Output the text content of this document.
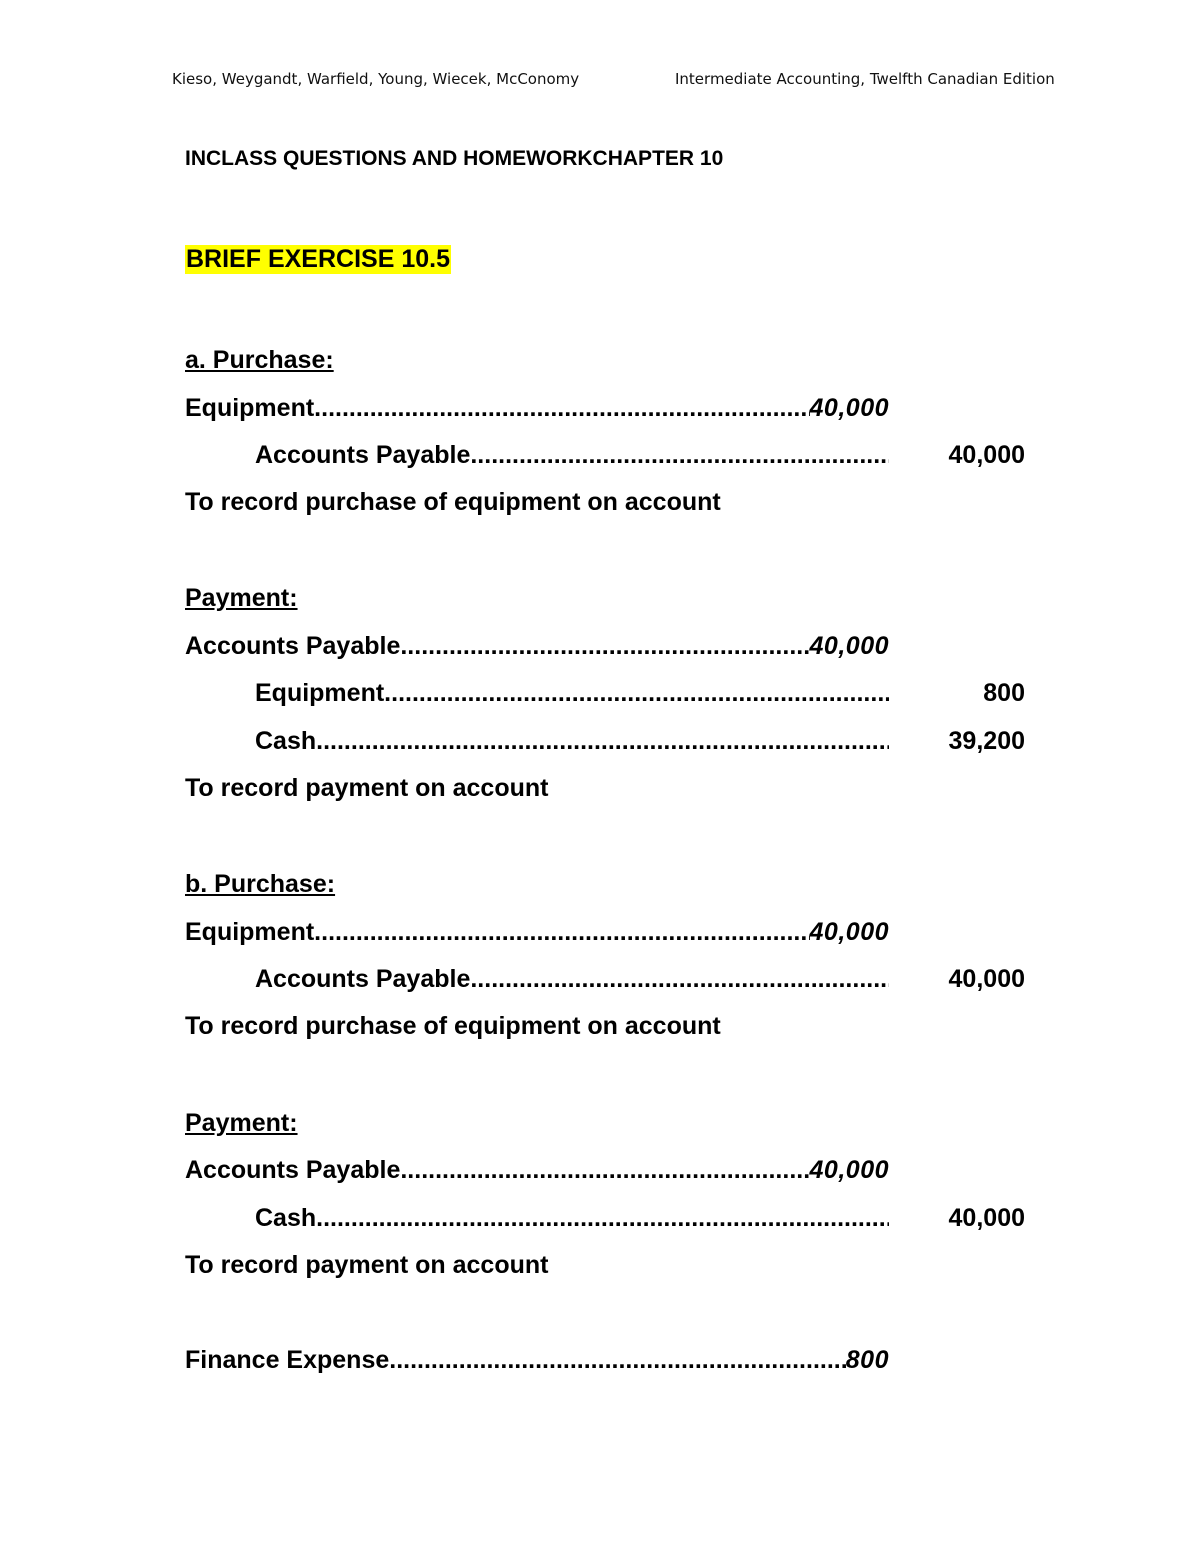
Kieso, Weygandt, Warfield, Young, Wiecek, McConomy	Intermediate Accounting, Twelfth Canadian Edition
INCLASS QUESTIONS AND HOMEWORKCHAPTER 10
BRIEF EXERCISE 10.5
a. Purchase:
Equipment .....	40,000
Accounts Payable .....	40,000
To record purchase of equipment on account
Payment:
Accounts Payable .....	40,000
Equipment .....	800
Cash .....	39,200
To record payment on account
b. Purchase:
Equipment .....	40,000
Accounts Payable .....	40,000
To record purchase of equipment on account
Payment:
Accounts Payable .....	40,000
Cash .....	40,000
To record payment on account
Finance Expense .....	800
